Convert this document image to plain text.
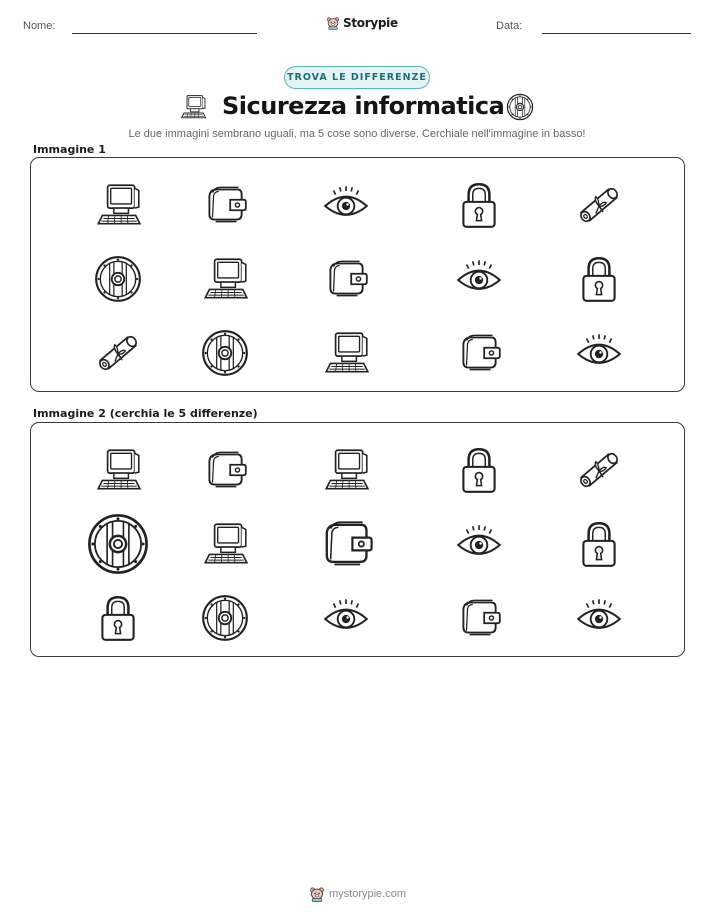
Nome:	Storypie	Data:
TROVA LE DIFFERENZE
Sicurezza informatica
Le due immagini sembrano uguali, ma 5 cose sono diverse. Cerchiale nell'immagine in basso!
Immagine 1
Immagine 2 (cerchia le 5 differenze)
mystorypie.com
